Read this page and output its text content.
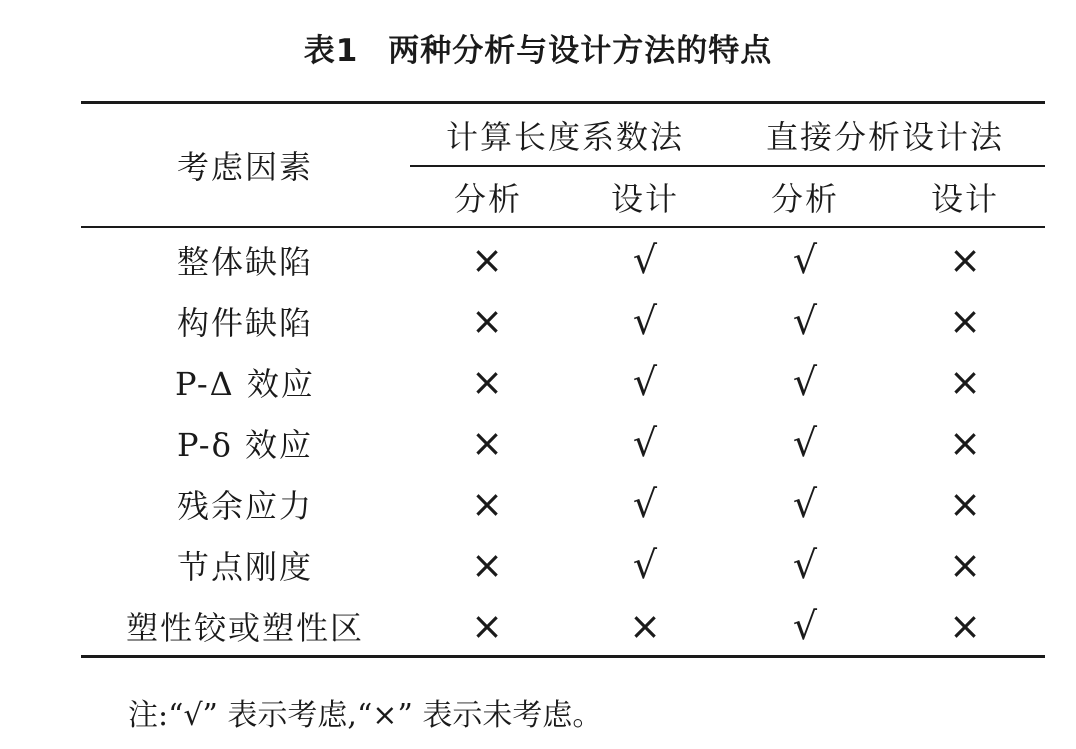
表1 两种分析与设计方法的特点
考虑因素
计算长度系数法	直接分析设计法
分析	设计	分析	设计
整体缺陷	×	√	√	×
构件缺陷	×	√	√	×
P-Δ 效应	×	√	√	×
P-δ 效应	×	√	√	×
残余应力	×	√	√	×
节点刚度	×	√	√	×
塑性铰或塑性区	×	×	√	×
注:“√” 表示考虑,“×” 表示未考虑。
